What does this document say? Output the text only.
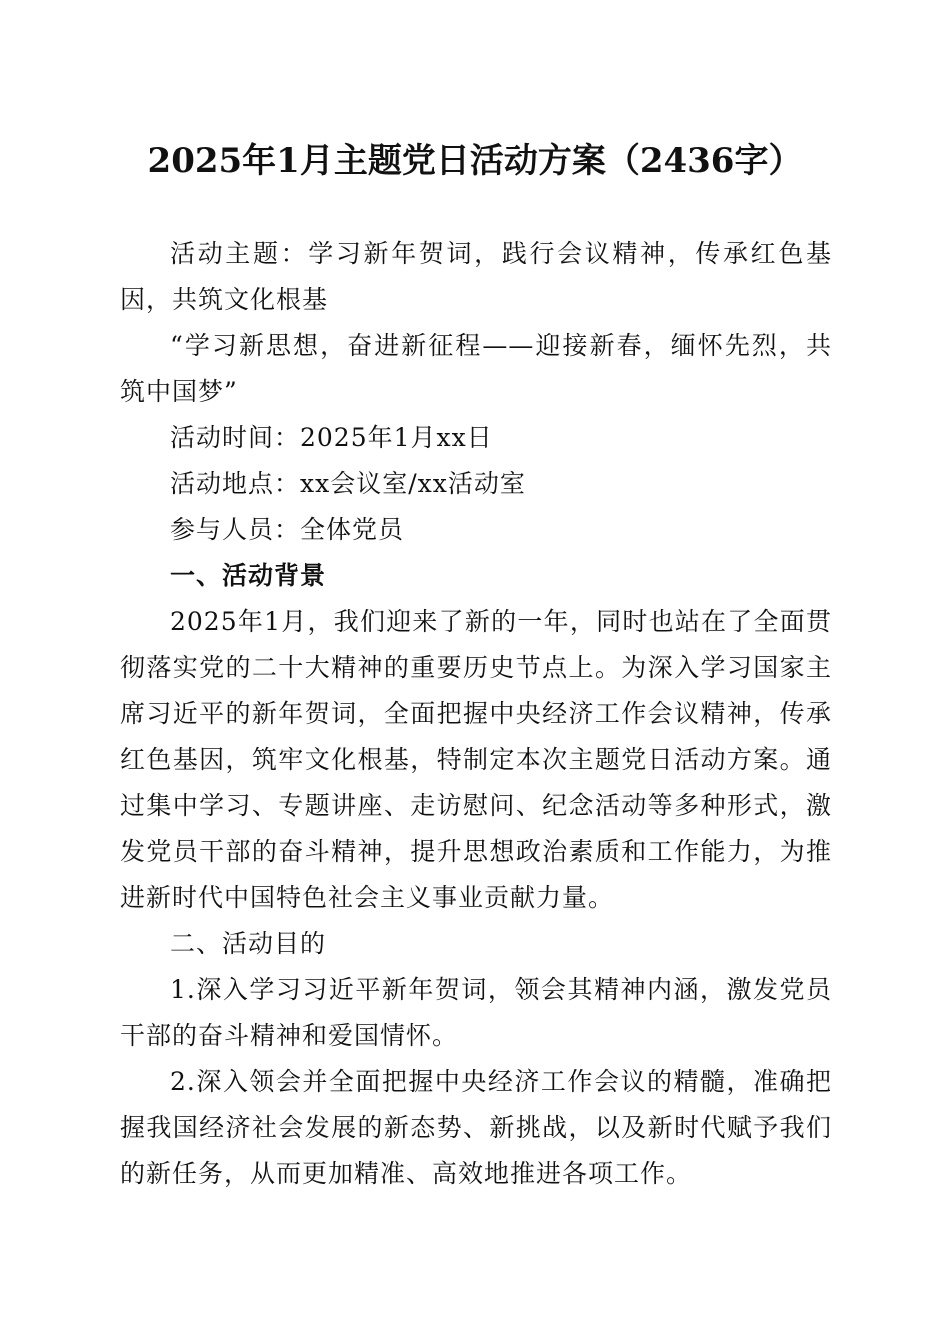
2025年1月主题党日活动方案（2436字）

活动主题：学习新年贺词，践行会议精神，传承红色基因，共筑文化根基

“学习新思想，奋进新征程——迎接新春，缅怀先烈，共筑中国梦”

活动时间：2025年1月xx日

活动地点：xx会议室/xx活动室

参与人员：全体党员

一、活动背景

2025年1月，我们迎来了新的一年，同时也站在了全面贯彻落实党的二十大精神的重要历史节点上。为深入学习国家主席习近平的新年贺词，全面把握中央经济工作会议精神，传承红色基因，筑牢文化根基，特制定本次主题党日活动方案。通过集中学习、专题讲座、走访慰问、纪念活动等多种形式，激发党员干部的奋斗精神，提升思想政治素质和工作能力，为推进新时代中国特色社会主义事业贡献力量。

二、活动目的

1.深入学习习近平新年贺词，领会其精神内涵，激发党员干部的奋斗精神和爱国情怀。

2.深入领会并全面把握中央经济工作会议的精髓，准确把握我国经济社会发展的新态势、新挑战，以及新时代赋予我们的新任务，从而更加精准、高效地推进各项工作。
